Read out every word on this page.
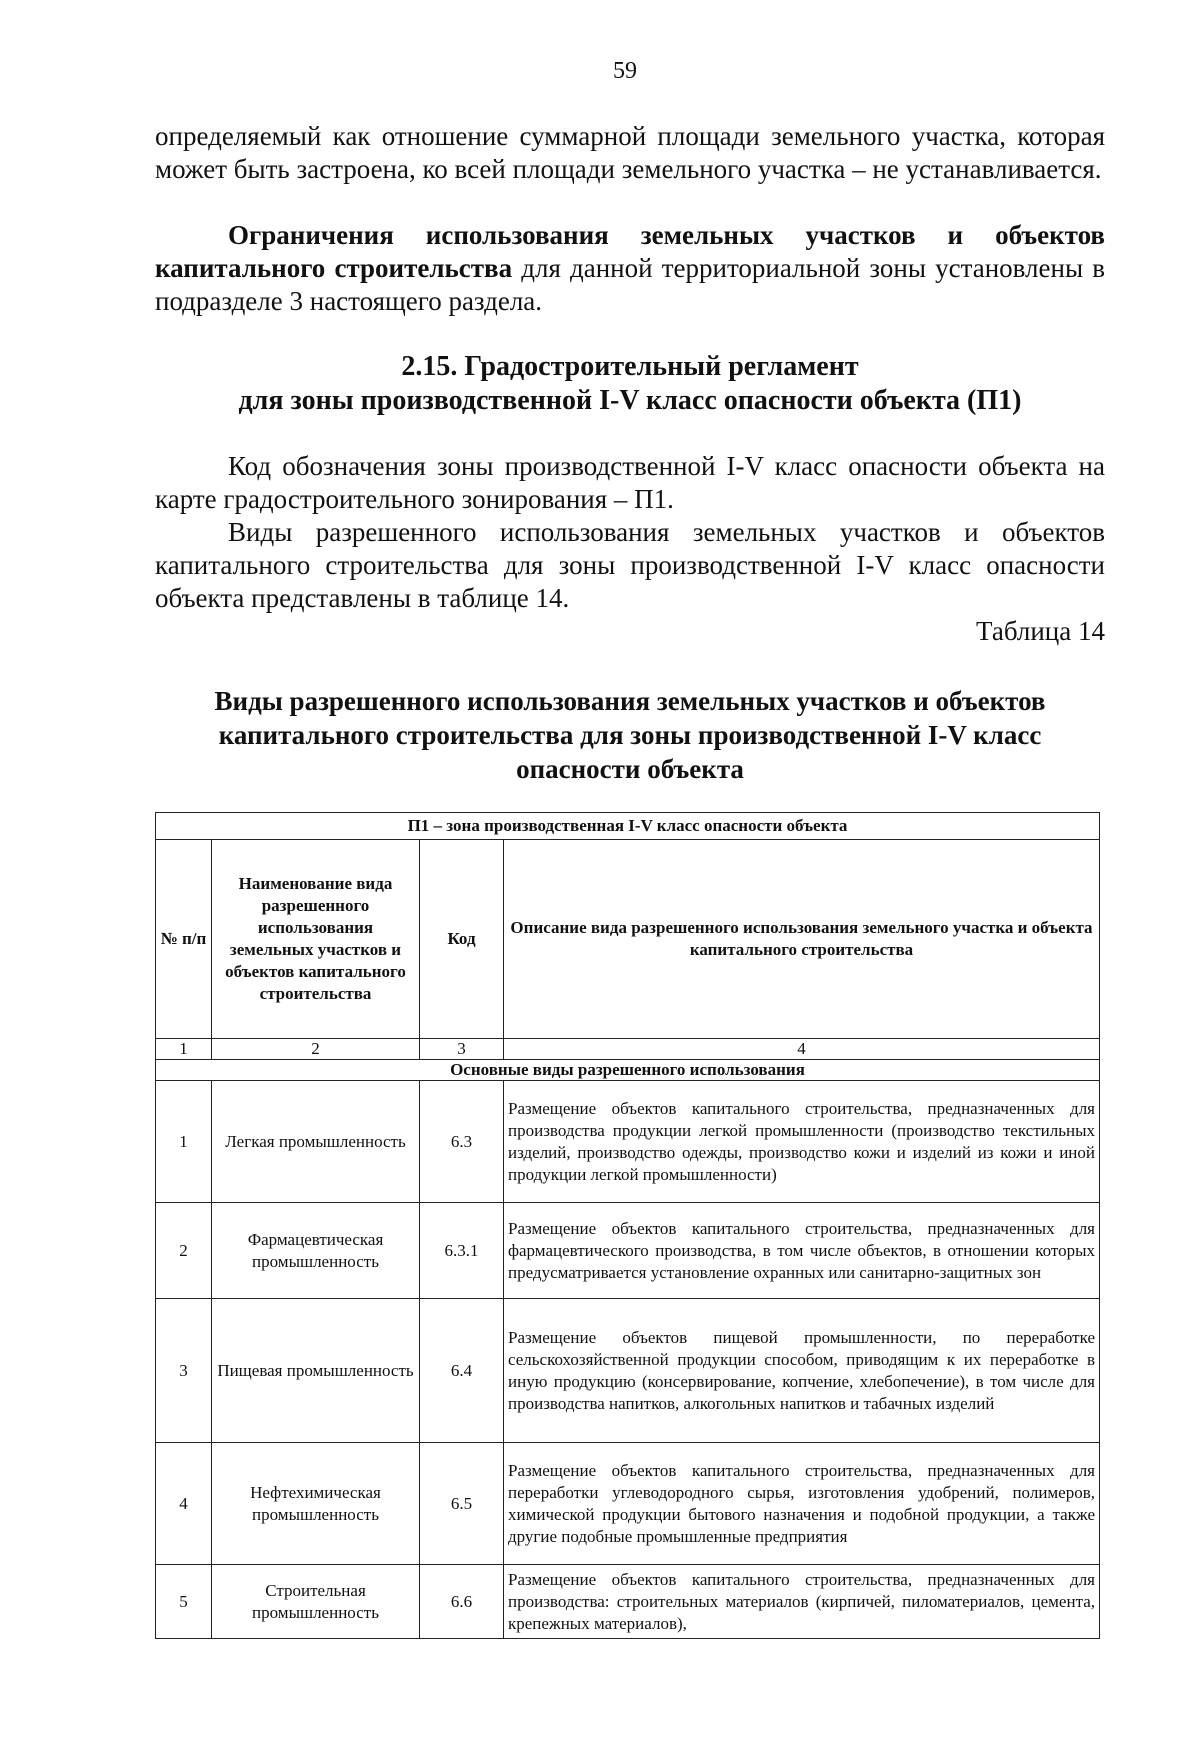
59
определяемый как отношение суммарной площади земельного участка, которая может быть застроена, ко всей площади земельного участка – не устанавливается.
Ограничения использования земельных участков и объектов капитального строительства для данной территориальной зоны установлены в подразделе 3 настоящего раздела.
2.15. Градостроительный регламент
для зоны производственной I-V класс опасности объекта (П1)
Код обозначения зоны производственной I-V класс опасности объекта на карте градостроительного зонирования – П1.
Виды разрешенного использования земельных участков и объектов капитального строительства для зоны производственной I-V класс опасности объекта представлены в таблице 14.
Таблица 14
Виды разрешенного использования земельных участков и объектов капитального строительства для зоны производственной I-V класс опасности объекта
П1 – зона производственная I-V класс опасности объекта			
№ п/п	Наименование вида разрешенного использования земельных участков и объектов капитального строительства	Код	Описание вида разрешенного использования земельного участка и объекта капитального строительства
1	2	3	4
Основные виды разрешенного использования			
1	Легкая промышленность	6.3	Размещение объектов капитального строительства, предназначенных для производства продукции легкой промышленности (производство текстильных изделий, производство одежды, производство кожи и изделий из кожи и иной продукции легкой промышленности)
2	Фармацевтическая промышленность	6.3.1	Размещение объектов капитального строительства, предназначенных для фармацевтического производства, в том числе объектов, в отношении которых предусматривается установление охранных или санитарно-защитных зон
3	Пищевая промышленность	6.4	Размещение объектов пищевой промышленности, по переработке сельскохозяйственной продукции способом, приводящим к их переработке в иную продукцию (консервирование, копчение, хлебопечение), в том числе для производства напитков, алкогольных напитков и табачных изделий
4	Нефтехимическая промышленность	6.5	Размещение объектов капитального строительства, предназначенных для переработки углеводородного сырья, изготовления удобрений, полимеров, химической продукции бытового назначения и подобной продукции, а также другие подобные промышленные предприятия
5	Строительная промышленность	6.6	Размещение объектов капитального строительства, предназначенных для производства: строительных материалов (кирпичей, пиломатериалов, цемента, крепежных материалов),
